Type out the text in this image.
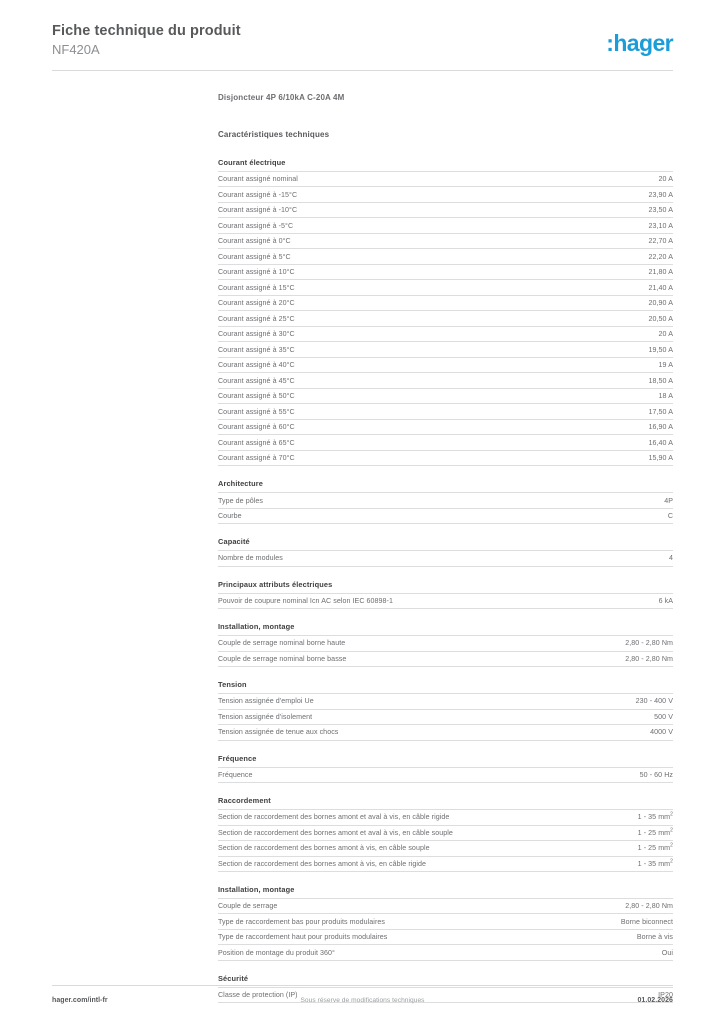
Fiche technique du produit
NF420A	:hager
Disjoncteur 4P 6/10kA C-20A 4M
Caractéristiques techniques
Courant électrique
Courant assigné nominal	20 A
Courant assigné à -15°C	23,90 A
Courant assigné à -10°C	23,50 A
Courant assigné à -5°C	23,10 A
Courant assigné à 0°C	22,70 A
Courant assigné à 5°C	22,20 A
Courant assigné à 10°C	21,80 A
Courant assigné à 15°C	21,40 A
Courant assigné à 20°C	20,90 A
Courant assigné à 25°C	20,50 A
Courant assigné à 30°C	20 A
Courant assigné à 35°C	19,50 A
Courant assigné à 40°C	19 A
Courant assigné à 45°C	18,50 A
Courant assigné à 50°C	18 A
Courant assigné à 55°C	17,50 A
Courant assigné à 60°C	16,90 A
Courant assigné à 65°C	16,40 A
Courant assigné à 70°C	15,90 A
Architecture
Type de pôles	4P
Courbe	C
Capacité
Nombre de modules	4
Principaux attributs électriques
Pouvoir de coupure nominal Icn AC selon IEC 60898-1	6 kA
Installation, montage
Couple de serrage nominal borne haute	2,80 - 2,80 Nm
Couple de serrage nominal borne basse	2,80 - 2,80 Nm
Tension
Tension assignée d'emploi Ue	230 - 400 V
Tension assignée d'isolement	500 V
Tension assignée de tenue aux chocs	4000 V
Fréquence
Fréquence	50 - 60 Hz
Raccordement
Section de raccordement des bornes amont et aval à vis, en câble rigide	1 - 35 $mm^2$
Section de raccordement des bornes amont et aval à vis, en câble souple	1 - 25 $mm^2$
Section de raccordement des bornes amont à vis, en câble souple	1 - 25 $mm^2$
Section de raccordement des bornes amont à vis, en câble rigide	1 - 35 $mm^2$
Installation, montage
Couple de serrage	2,80 - 2,80 Nm
Type de raccordement bas pour produits modulaires	Borne biconnect
Type de raccordement haut pour produits modulaires	Borne à vis
Position de montage du produit 360°	Oui
Sécurité
Classe de protection (IP)	IP20
hager.com/intl-fr	Sous réserve de modifications techniques	01.02.2026
